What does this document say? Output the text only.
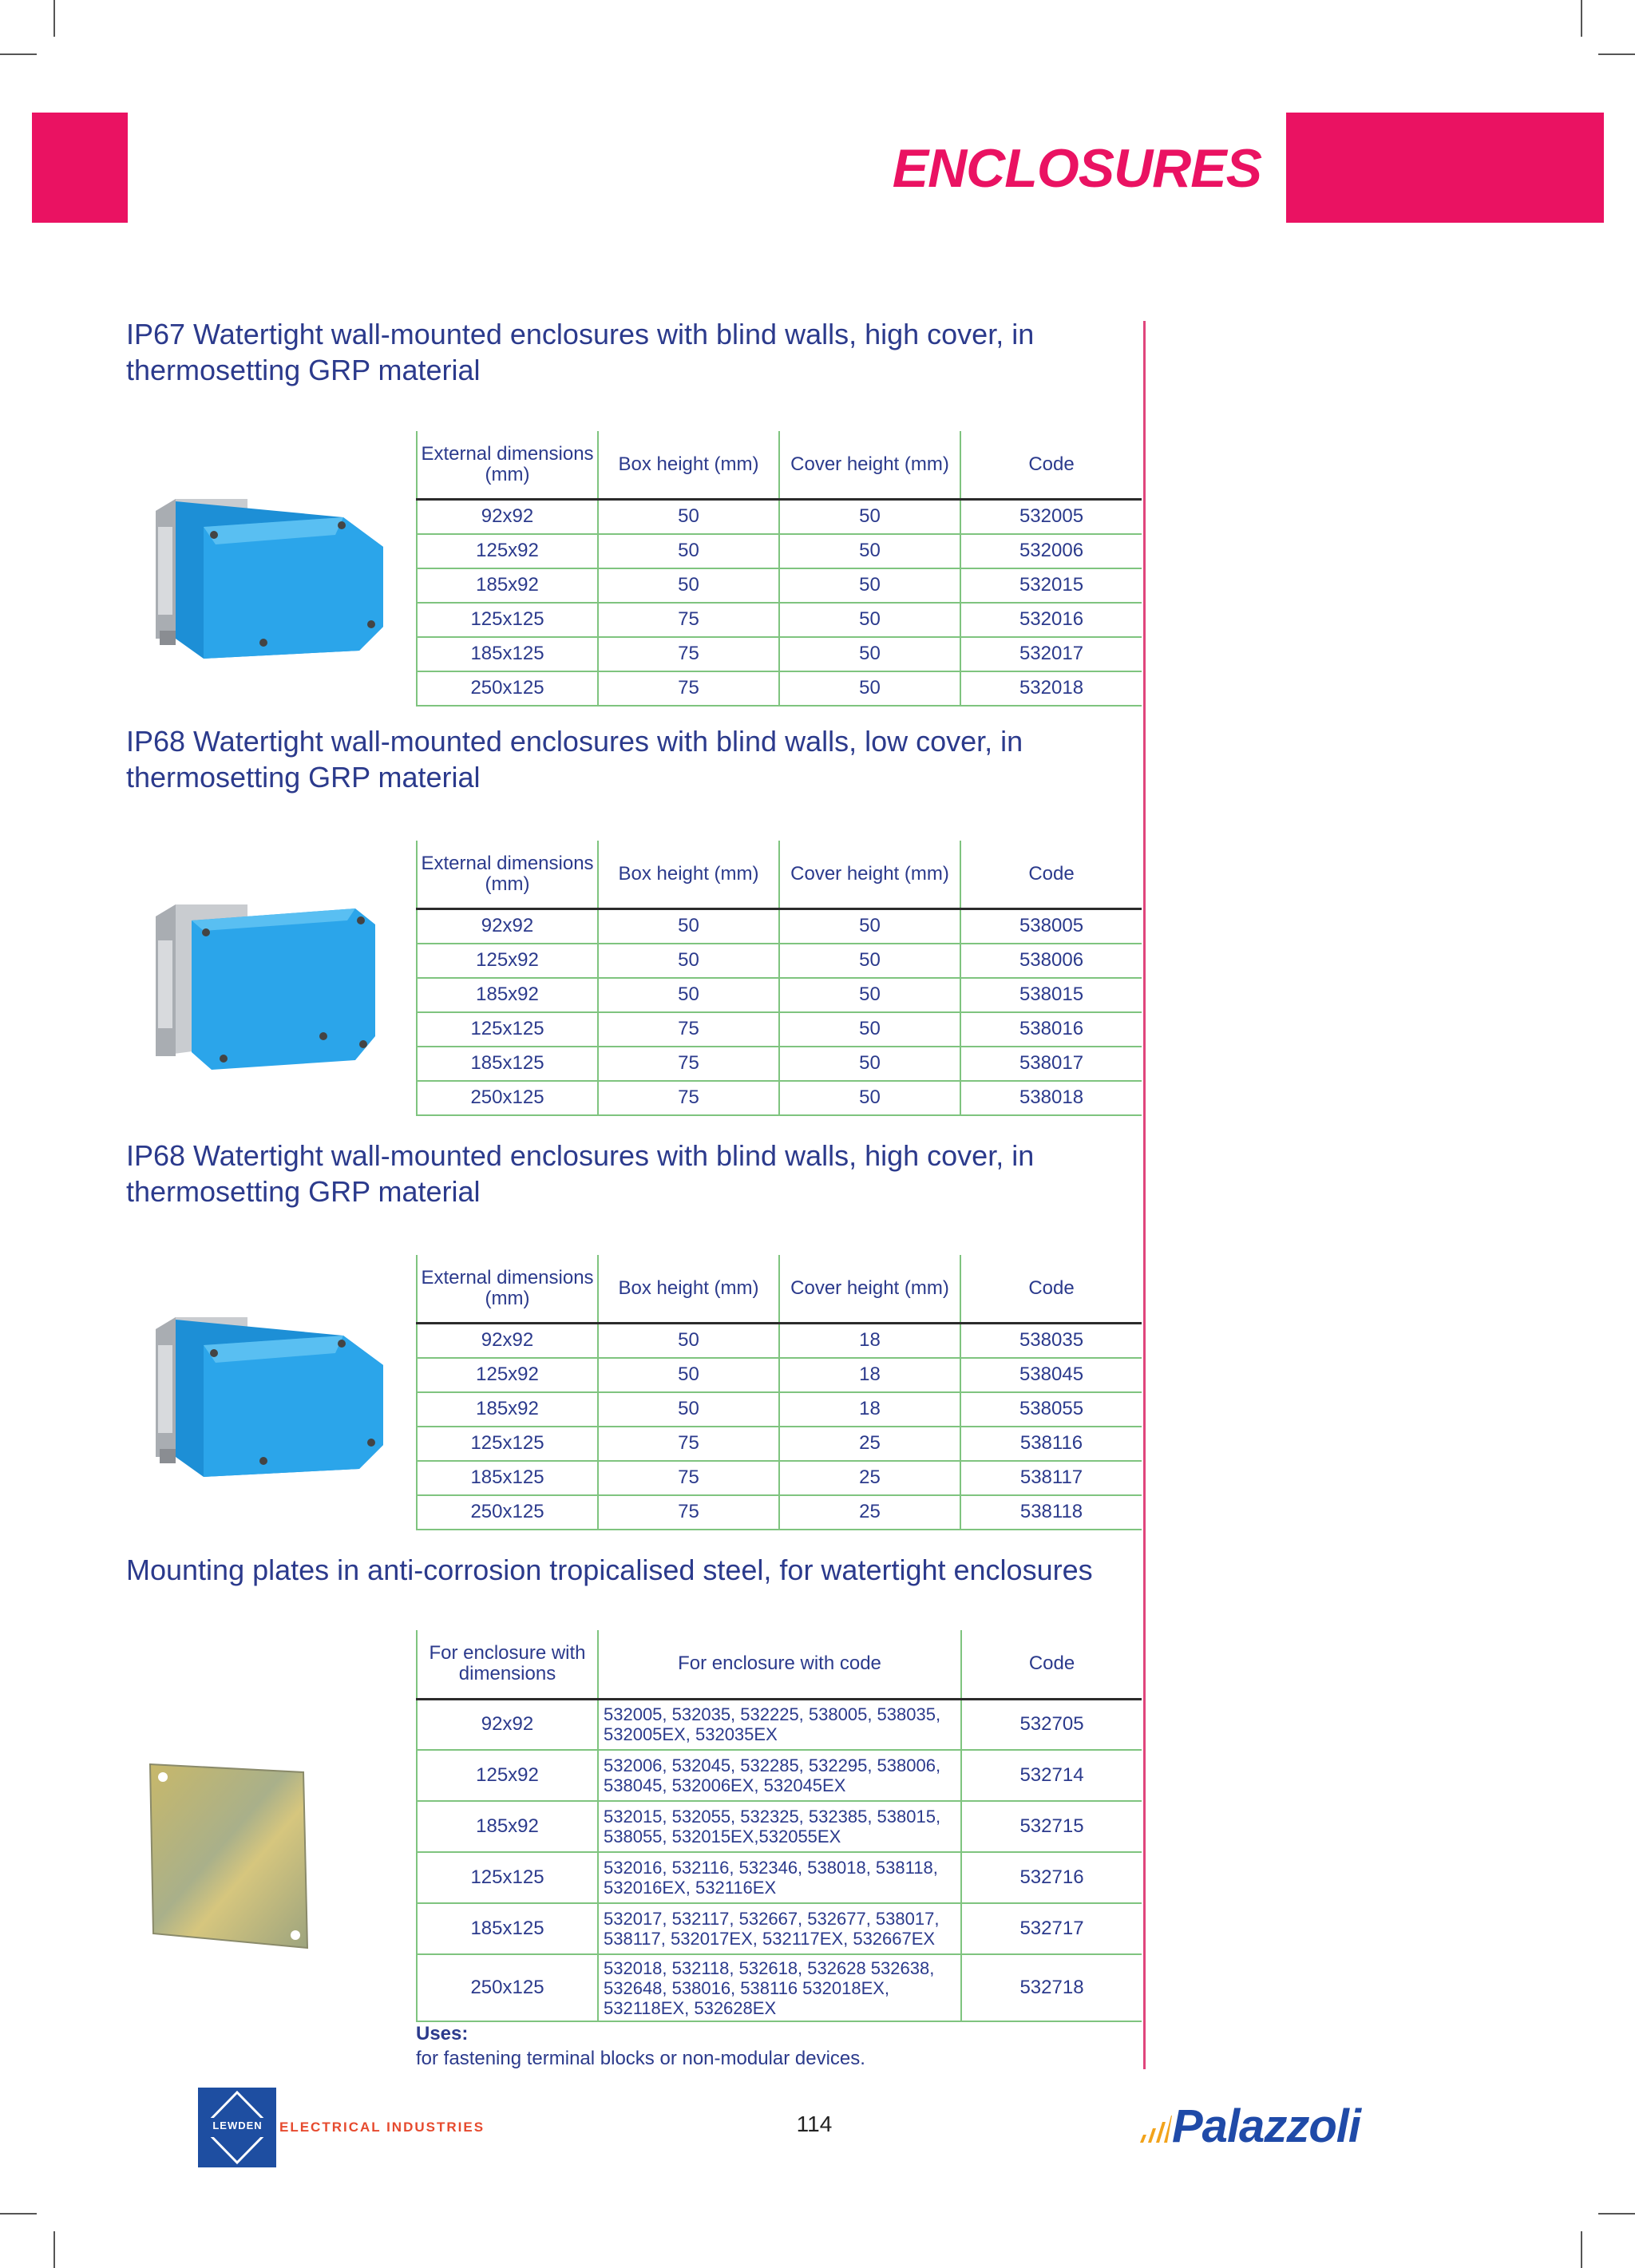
ENCLOSURES
IP67 Watertight wall-mounted enclosures with blind walls, high cover, in thermosetting GRP material
External dimensions (mm)	Box height (mm)	Cover height (mm)	Code
92x92	50	50	532005
125x92	50	50	532006
185x92	50	50	532015
125x125	75	50	532016
185x125	75	50	532017
250x125	75	50	532018
IP68 Watertight wall-mounted enclosures with blind walls, low cover, in thermosetting GRP material
External dimensions (mm)	Box height (mm)	Cover height (mm)	Code
92x92	50	50	538005
125x92	50	50	538006
185x92	50	50	538015
125x125	75	50	538016
185x125	75	50	538017
250x125	75	50	538018
IP68 Watertight wall-mounted enclosures with blind walls, high cover, in thermosetting GRP material
External dimensions (mm)	Box height (mm)	Cover height (mm)	Code
92x92	50	18	538035
125x92	50	18	538045
185x92	50	18	538055
125x125	75	25	538116
185x125	75	25	538117
250x125	75	25	538118
Mounting plates in anti-corrosion tropicalised steel, for watertight enclosures
For enclosure with dimensions	For enclosure with code	Code
92x92	532005, 532035, 532225, 538005, 538035, 532005EX, 532035EX	532705
125x92	532006, 532045, 532285, 532295, 538006, 538045, 532006EX, 532045EX	532714
185x92	532015, 532055, 532325, 532385, 538015, 538055, 532015EX,532055EX	532715
125x125	532016, 532116, 532346, 538018, 538118, 532016EX, 532116EX	532716
185x125	532017, 532117, 532667, 532677, 538017, 538117, 532017EX, 532117EX, 532667EX	532717
250x125	532018, 532118, 532618, 532628 532638, 532648, 538016, 538116 532018EX, 532118EX, 532628EX	532718
Uses:
for fastening terminal blocks or non-modular devices.
LEWDEN	ELECTRICAL INDUSTRIES	114	Palazzoli
